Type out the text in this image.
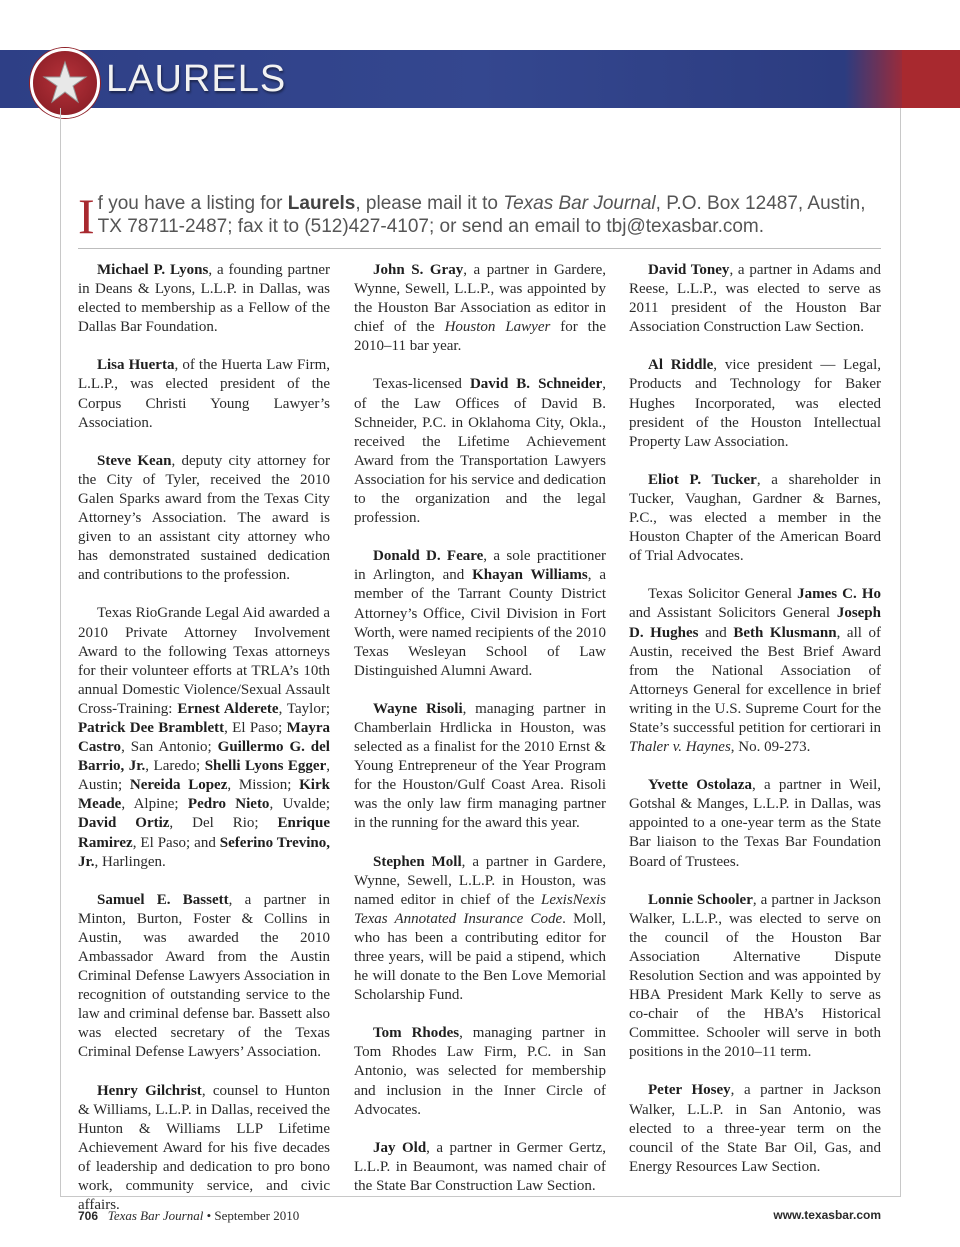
LAURELS
If you have a listing for Laurels, please mail it to Texas Bar Journal, P.O. Box 12487, Austin, TX 78711-2487; fax it to (512)427-4107; or send an email to tbj@texasbar.com.

Michael P. Lyons, a founding partner in Deans & Lyons, L.L.P. in Dallas, was elected to membership as a Fellow of the Dallas Bar Foundation.

Lisa Huerta, of the Huerta Law Firm, L.L.P., was elected president of the Corpus Christi Young Lawyer’s Association.

Steve Kean, deputy city attorney for the City of Tyler, received the 2010 Galen Sparks award from the Texas City Attorney’s Association. The award is given to an assistant city attorney who has demonstrated sustained dedication and contributions to the profession.

Texas RioGrande Legal Aid awarded a 2010 Private Attorney Involvement Award to the following Texas attorneys for their volunteer efforts at TRLA’s 10th annual Domestic Violence/Sexual Assault Cross-Training: Ernest Alderete, Taylor; Patrick Dee Bramblett, El Paso; Mayra Castro, San Antonio; Guillermo G. del Barrio, Jr., Laredo; Shelli Lyons Egger, Austin; Nereida Lopez, Mission; Kirk Meade, Alpine; Pedro Nieto, Uvalde; David Ortiz, Del Rio; Enrique Ramirez, El Paso; and Seferino Trevino, Jr., Harlingen.

Samuel E. Bassett, a partner in Minton, Burton, Foster & Collins in Austin, was awarded the 2010 Ambassador Award from the Austin Criminal Defense Lawyers Association in recognition of outstanding service to the law and criminal defense bar. Bassett also was elected secretary of the Texas Criminal Defense Lawyers’ Association.

Henry Gilchrist, counsel to Hunton & Williams, L.L.P. in Dallas, received the Hunton & Williams LLP Lifetime Achievement Award for his five decades of leadership and dedication to pro bono work, community service, and civic affairs.

John S. Gray, a partner in Gardere, Wynne, Sewell, L.L.P., was appointed by the Houston Bar Association as editor in chief of the Houston Lawyer for the 2010–11 bar year.

Texas-licensed David B. Schneider, of the Law Offices of David B. Schneider, P.C. in Oklahoma City, Okla., received the Lifetime Achievement Award from the Transportation Lawyers Association for his service and dedication to the organization and the legal profession.

Donald D. Feare, a sole practitioner in Arlington, and Khayan Williams, a member of the Tarrant County District Attorney’s Office, Civil Division in Fort Worth, were named recipients of the 2010 Texas Wesleyan School of Law Distinguished Alumni Award.

Wayne Risoli, managing partner in Chamberlain Hrdlicka in Houston, was selected as a finalist for the 2010 Ernst & Young Entrepreneur of the Year Program for the Houston/Gulf Coast Area. Risoli was the only law firm managing partner in the running for the award this year.

Stephen Moll, a partner in Gardere, Wynne, Sewell, L.L.P. in Houston, was named editor in chief of the LexisNexis Texas Annotated Insurance Code. Moll, who has been a contributing editor for three years, will be paid a stipend, which he will donate to the Ben Love Memorial Scholarship Fund.

Tom Rhodes, managing partner in Tom Rhodes Law Firm, P.C. in San Antonio, was selected for membership and inclusion in the Inner Circle of Advocates.

Jay Old, a partner in Germer Gertz, L.L.P. in Beaumont, was named chair of the State Bar Construction Law Section.

David Toney, a partner in Adams and Reese, L.L.P., was elected to serve as 2011 president of the Houston Bar Association Construction Law Section.

Al Riddle, vice president — Legal, Products and Technology for Baker Hughes Incorporated, was elected president of the Houston Intellectual Property Law Association.

Eliot P. Tucker, a shareholder in Tucker, Vaughan, Gardner & Barnes, P.C., was elected a member in the Houston Chapter of the American Board of Trial Advocates.

Texas Solicitor General James C. Ho and Assistant Solicitors General Joseph D. Hughes and Beth Klusmann, all of Austin, received the Best Brief Award from the National Association of Attorneys General for excellence in brief writing in the U.S. Supreme Court for the State’s successful petition for certiorari in Thaler v. Haynes, No. 09-273.

Yvette Ostolaza, a partner in Weil, Gotshal & Manges, L.L.P. in Dallas, was appointed to a one-year term as the State Bar liaison to the Texas Bar Foundation Board of Trustees.

Lonnie Schooler, a partner in Jackson Walker, L.L.P., was elected to serve on the council of the Houston Bar Association Alternative Dispute Resolution Section and was appointed by HBA President Mark Kelly to serve as co-chair of the HBA’s Historical Committee. Schooler will serve in both positions in the 2010–11 term.

Peter Hosey, a partner in Jackson Walker, L.L.P. in San Antonio, was elected to a three-year term on the council of the State Bar Oil, Gas, and Energy Resources Law Section.

706 Texas Bar Journal • September 2010	www.texasbar.com
